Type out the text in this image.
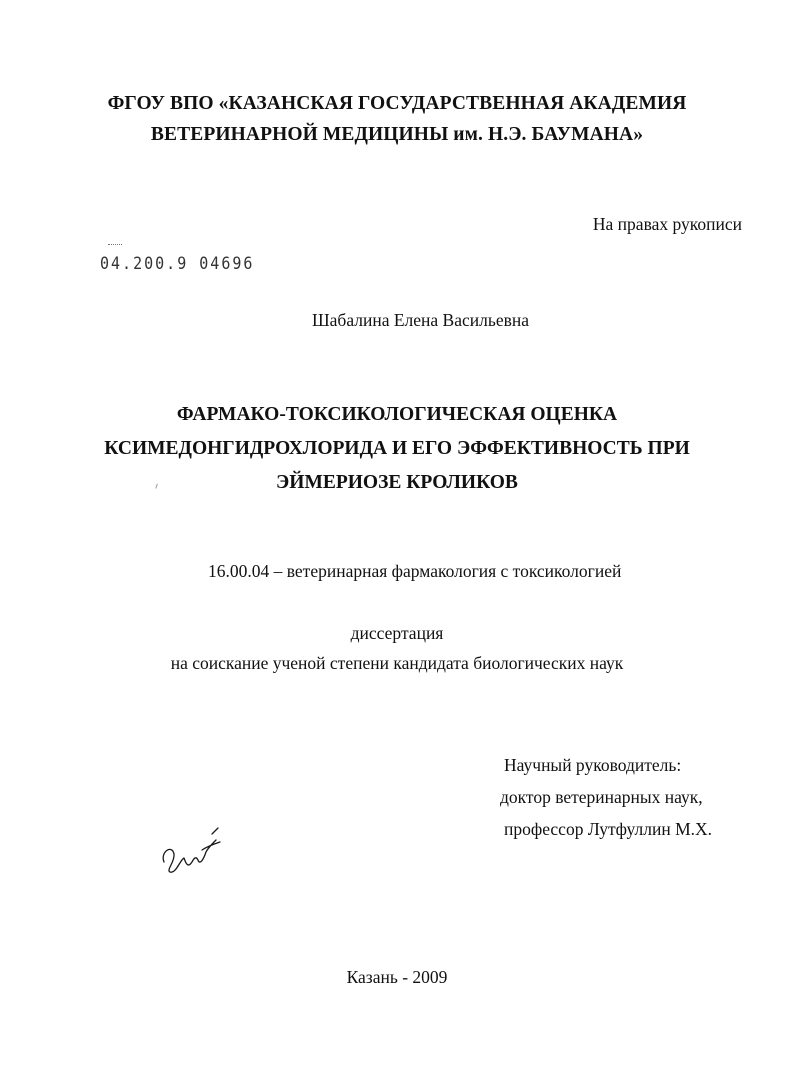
ФГОУ ВПО «КАЗАНСКАЯ ГОСУДАРСТВЕННАЯ АКАДЕМИЯ
ВЕТЕРИНАРНОЙ МЕДИЦИНЫ им. Н.Э. БАУМАНА»
На правах рукописи
04.200.9 04696
Шабалина Елена Васильевна
ФАРМАКО-ТОКСИКОЛОГИЧЕСКАЯ ОЦЕНКА
КСИМЕДОНГИДРОХЛОРИДА И ЕГО ЭФФЕКТИВНОСТЬ ПРИ
ЭЙМЕРИОЗЕ КРОЛИКОВ
16.00.04 – ветеринарная фармакология с токсикологией
диссертация
на соискание ученой степени кандидата биологических наук
Научный руководитель:
доктор ветеринарных наук,
профессор Лутфуллин М.Х.
Казань - 2009
